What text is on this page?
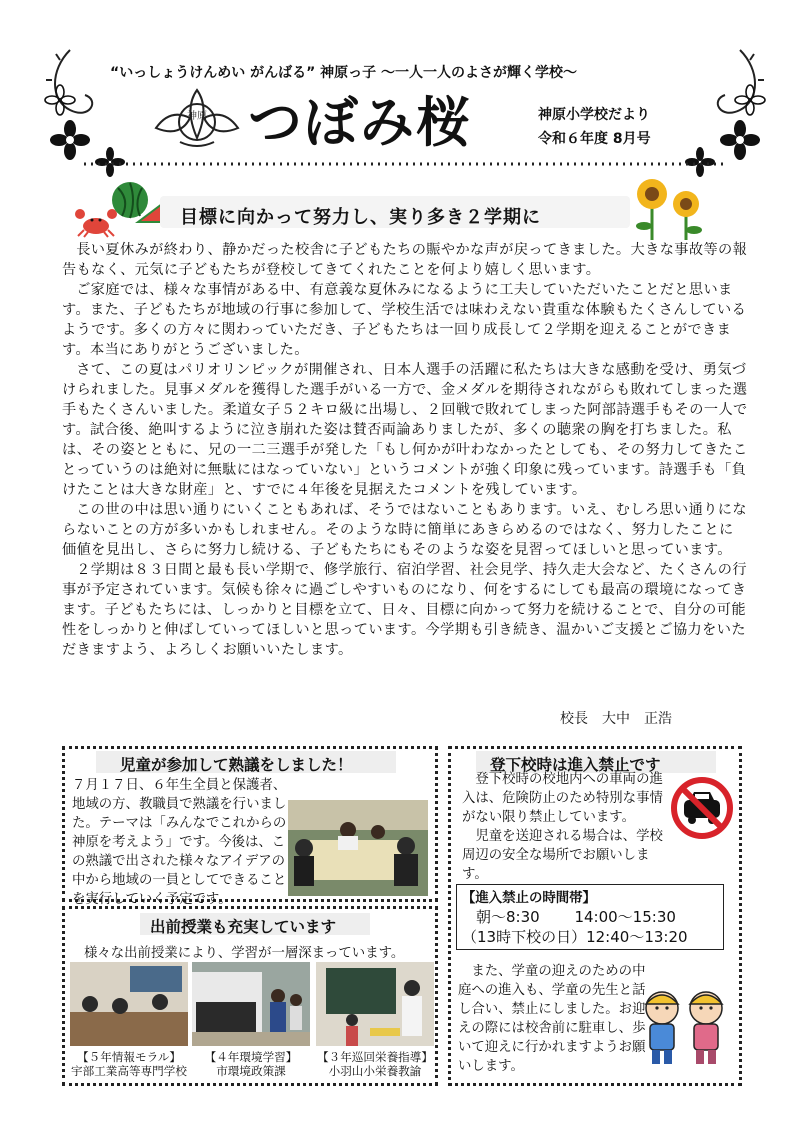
“いっしょうけんめい がんばる” 神原っ子 〜一人一人のよさが輝く学校〜
神原 つぼみ桜	神原小学校だより
令和６年度 8月号
目標に向かって努力し、実り多き２学期に

長い夏休みが終わり、静かだった校舎に子どもたちの賑やかな声が戻ってきました。大きな事故等の報告もなく、元気に子どもたちが登校してきてくれたことを何より嬉しく思います。

ご家庭では、様々な事情がある中、有意義な夏休みになるように工夫していただいたことだと思います。また、子どもたちが地域の行事に参加して、学校生活では味わえない貴重な体験もたくさんしているようです。多くの方々に関わっていただき、子どもたちは一回り成長して２学期を迎えることができます。本当にありがとうございました。

さて、この夏はパリオリンピックが開催され、日本人選手の活躍に私たちは大きな感動を受け、勇気づけられました。見事メダルを獲得した選手がいる一方で、金メダルを期待されながらも敗れてしまった選手もたくさんいました。柔道女子５２キロ級に出場し、２回戦で敗れてしまった阿部詩選手もその一人です。試合後、絶叫するように泣き崩れた姿は賛否両論ありましたが、多くの聴衆の胸を打ちました。私は、その姿とともに、兄の一二三選手が発した「もし何かが叶わなかったとしても、その努力してきたことっていうのは絶対に無駄にはなっていない」というコメントが強く印象に残っています。詩選手も「負けたことは大きな財産」と、すでに４年後を見据えたコメントを残しています。

この世の中は思い通りにいくこともあれば、そうではないこともあります。いえ、むしろ思い通りにならないことの方が多いかもしれません。そのような時に簡単にあきらめるのではなく、努力したことに価値を見出し、さらに努力し続ける、子どもたちにもそのような姿を見習ってほしいと思っています。

２学期は８３日間と最も長い学期で、修学旅行、宿泊学習、社会見学、持久走大会など、たくさんの行事が予定されています。気候も徐々に過ごしやすいものになり、何をするにしても最高の環境になってきます。子どもたちには、しっかりと目標を立て、日々、目標に向かって努力を続けることで、自分の可能性をしっかりと伸ばしていってほしいと思っています。今学期も引き続き、温かいご支援とご協力をいただきますよう、よろしくお願いいたします。

校長　大中　正浩
児童が参加して熟議をしました！
７月１７日、６年生全員と保護者、地域の方、教職員で熟議を行いました。テーマは「みんなでこれからの神原を考えよう」です。今後は、この熟議で出された様々なアイデアの中から地域の一員としてできることを実行していく予定です。
出前授業も充実しています
様々な出前授業により、学習が一層深まっています。
【５年情報モラル】
宇部工業高等専門学校
【４年環境学習】
市環境政策課
【３年巡回栄養指導】
小羽山小栄養教諭
登下校時は進入禁止です
登下校時の校地内への車両の進入は、危険防止のため特別な事情がない限り禁止しています。
児童を送迎される場合は、学校周辺の安全な場所でお願いします。
【進入禁止の時間帯】
朝〜8:30　　 14:00〜15:30
（13時下校の日）12:40〜13:20
また、学童の迎えのための中庭への進入も、学童の先生と話し合い、禁止にしました。お迎えの際には校舎前に駐車し、歩いて迎えに行かれますようお願いします。
